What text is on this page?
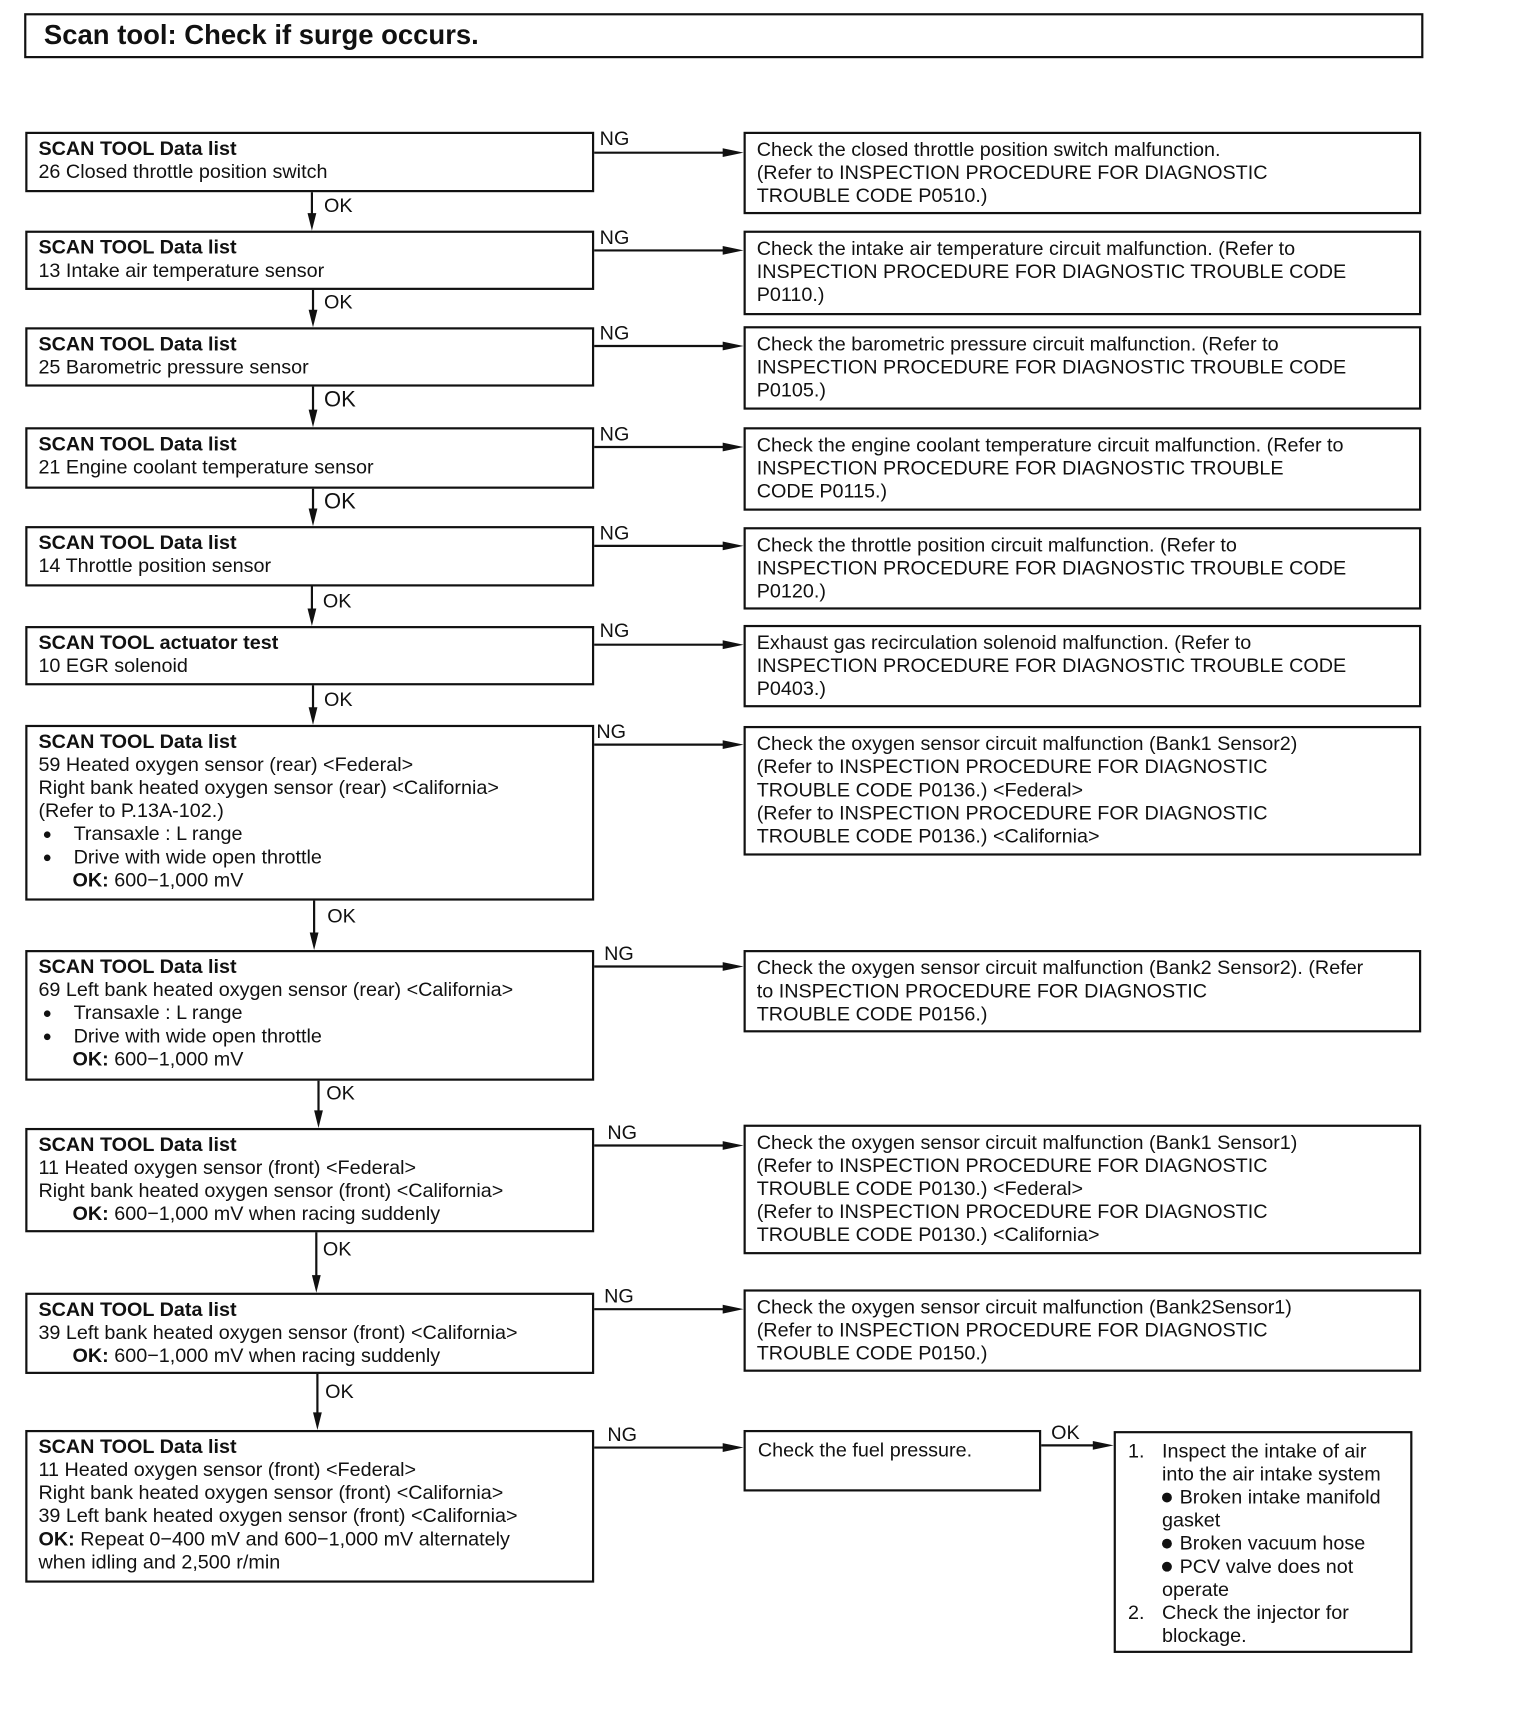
Scan tool: Check if surge occurs.
SCAN TOOL Data list
26 Closed throttle position switch
Check the closed throttle position switch malfunction.
(Refer to INSPECTION PROCEDURE FOR DIAGNOSTIC
TROUBLE CODE P0510.)
SCAN TOOL Data list
13 Intake air temperature sensor
Check the intake air temperature circuit malfunction. (Refer to
INSPECTION PROCEDURE FOR DIAGNOSTIC TROUBLE CODE
P0110.)
SCAN TOOL Data list
25 Barometric pressure sensor
Check the barometric pressure circuit malfunction. (Refer to
INSPECTION PROCEDURE FOR DIAGNOSTIC TROUBLE CODE
P0105.)
SCAN TOOL Data list
21 Engine coolant temperature sensor
Check the engine coolant temperature circuit malfunction. (Refer to
INSPECTION PROCEDURE FOR DIAGNOSTIC TROUBLE
CODE P0115.)
SCAN TOOL Data list
14 Throttle position sensor
Check the throttle position circuit malfunction. (Refer to
INSPECTION PROCEDURE FOR DIAGNOSTIC TROUBLE CODE
P0120.)
SCAN TOOL actuator test
10 EGR solenoid
Exhaust gas recirculation solenoid malfunction. (Refer to
INSPECTION PROCEDURE FOR DIAGNOSTIC TROUBLE CODE
P0403.)
SCAN TOOL Data list
59 Heated oxygen sensor (rear) <Federal>
Right bank heated oxygen sensor (rear) <California>
(Refer to P.13A-102.)
Transaxle : L range
Drive with wide open throttle
OK: 600−1,000 mV
Check the oxygen sensor circuit malfunction (Bank1 Sensor2)
(Refer to INSPECTION PROCEDURE FOR DIAGNOSTIC
TROUBLE CODE P0136.) <Federal>
(Refer to INSPECTION PROCEDURE FOR DIAGNOSTIC
TROUBLE CODE P0136.) <California>
SCAN TOOL Data list
69 Left bank heated oxygen sensor (rear) <California>
Transaxle : L range
Drive with wide open throttle
OK: 600−1,000 mV
Check the oxygen sensor circuit malfunction (Bank2 Sensor2). (Refer
to INSPECTION PROCEDURE FOR DIAGNOSTIC
TROUBLE CODE P0156.)
SCAN TOOL Data list
11 Heated oxygen sensor (front) <Federal>
Right bank heated oxygen sensor (front) <California>
OK: 600−1,000 mV when racing suddenly
Check the oxygen sensor circuit malfunction (Bank1 Sensor1)
(Refer to INSPECTION PROCEDURE FOR DIAGNOSTIC
TROUBLE CODE P0130.) <Federal>
(Refer to INSPECTION PROCEDURE FOR DIAGNOSTIC
TROUBLE CODE P0130.) <California>
SCAN TOOL Data list
39 Left bank heated oxygen sensor (front) <California>
OK: 600−1,000 mV when racing suddenly
Check the oxygen sensor circuit malfunction (Bank2Sensor1)
(Refer to INSPECTION PROCEDURE FOR DIAGNOSTIC
TROUBLE CODE P0150.)
SCAN TOOL Data list
11 Heated oxygen sensor (front) <Federal>
Right bank heated oxygen sensor (front) <California>
39 Left bank heated oxygen sensor (front) <California>
OK: Repeat 0−400 mV and 600−1,000 mV alternately
when idling and 2,500 r/min
Check the fuel pressure.	1. Inspect the intake of air
into the air intake system
Broken intake manifold
gasket
Broken vacuum hose
PCV valve does not
operate
2. Check the injector for
blockage.
NG
NG
NG
NG
NG
NG
NG
NG
NG
NG
NG
OK
OK
OK
OK
OK
OK
OK
OK
OK
OK
OK
